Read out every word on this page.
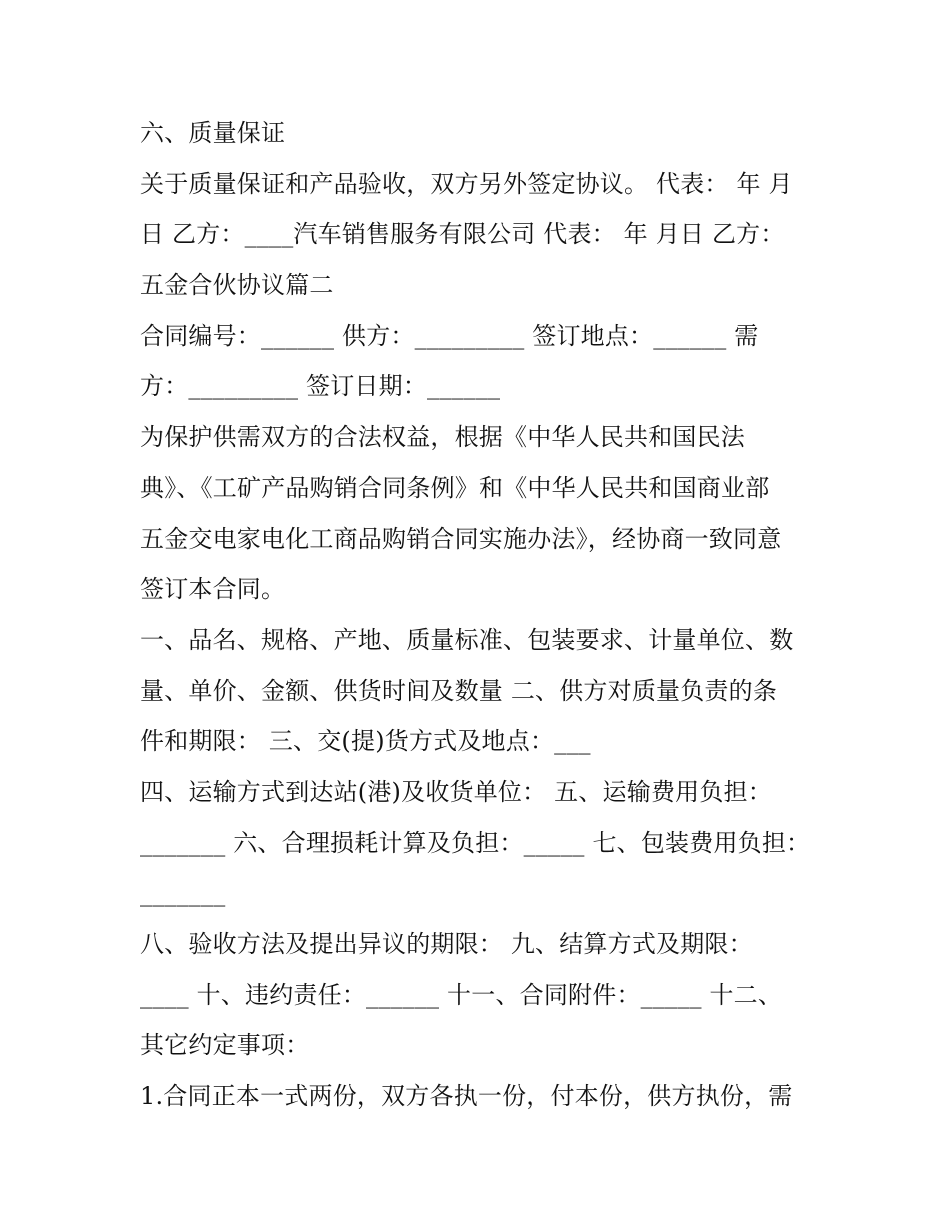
六、质量保证
关于质量保证和产品验收，双方另外签定协议。 代表： 年 月
日 乙方：____汽车销售服务有限公司 代表： 年 月日 乙方：
五金合伙协议篇二
合同编号：______ 供方：_________ 签订地点：______ 需
方：_________ 签订日期：______
为保护供需双方的合法权益，根据《中华人民共和国民法
典》、《工矿产品购销合同条例》和《中华人民共和国商业部
五金交电家电化工商品购销合同实施办法》，经协商一致同意
签订本合同。
一、品名、规格、产地、质量标准、包装要求、计量单位、数
量、单价、金额、供货时间及数量 二、供方对质量负责的条
件和期限： 三、交(提)货方式及地点：___
四、运输方式到达站(港)及收货单位： 五、运输费用负担：
_______ 六、合理损耗计算及负担：_____ 七、包装费用负担：
_______
八、验收方法及提出异议的期限： 九、结算方式及期限：
____ 十、违约责任：______ 十一、合同附件：_____ 十二、
其它约定事项：
1.合同正本一式两份，双方各执一份，付本份，供方执份，需
